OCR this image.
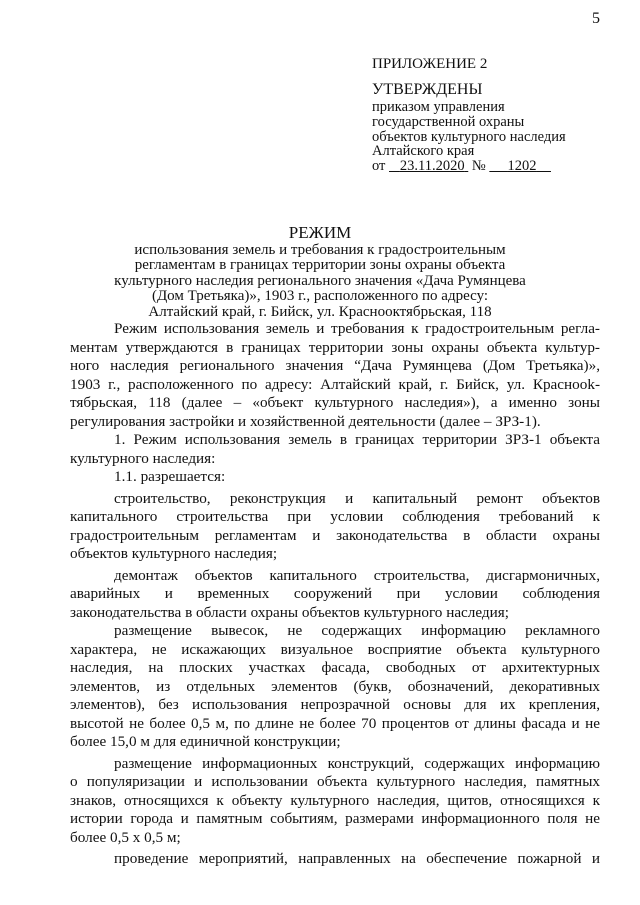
5
ПРИЛОЖЕНИЕ 2
УТВЕРЖДЕНЫ
приказом управления
государственной охраны
объектов культурного наследия
Алтайского края
от 23.11.2020 № 1202
РЕЖИМ
использования земель и требования к градостроительным
регламентам в границах территории зоны охраны объекта
культурного наследия регионального значения «Дача Румянцева
(Дом Третьяка)», 1903 г., расположенного по адресу:
Алтайский край, г. Бийск, ул. Краснооктябрьская, 118
Режим использования земель и требования к градостроительным регла-
ментам утверждаются в границах территории зоны охраны объекта культур-
ного наследия регионального значения “Дача Румянцева (Дом Третьяка)»,
1903 г., расположенного по адресу: Алтайский край, г. Бийск, ул. Краснооk-
тябрьская, 118 (далее – «объект культурного наследия»), а именно зоны
регулирования застройки и хозяйственной деятельности (далее – ЗРЗ-1).
1. Режим использования земель в границах территории ЗРЗ-1 объекта
культурного наследия:
1.1. разрешается:
строительство, реконструкция и капитальный ремонт объектов
капитального строительства при условии соблюдения требований к
градостроительным регламентам и законодательства в области охраны
объектов культурного наследия;
демонтаж объектов капитального строительства, дисгармоничных,
аварийных и временных сооружений при условии соблюдения
законодательства в области охраны объектов культурного наследия;
размещение вывесок, не содержащих информацию рекламного
характера, не искажающих визуальное восприятие объекта культурного
наследия, на плоских участках фасада, свободных от архитектурных
элементов, из отдельных элементов (букв, обозначений, декоративных
элементов), без использования непрозрачной основы для их крепления,
высотой не более 0,5 м, по длине не более 70 процентов от длины фасада и не
более 15,0 м для единичной конструкции;
размещение информационных конструкций, содержащих информацию
о популяризации и использовании объекта культурного наследия, памятных
знаков, относящихся к объекту культурного наследия, щитов, относящихся к
истории города и памятным событиям, размерами информационного поля не
более 0,5 х 0,5 м;
проведение мероприятий, направленных на обеспечение пожарной и
